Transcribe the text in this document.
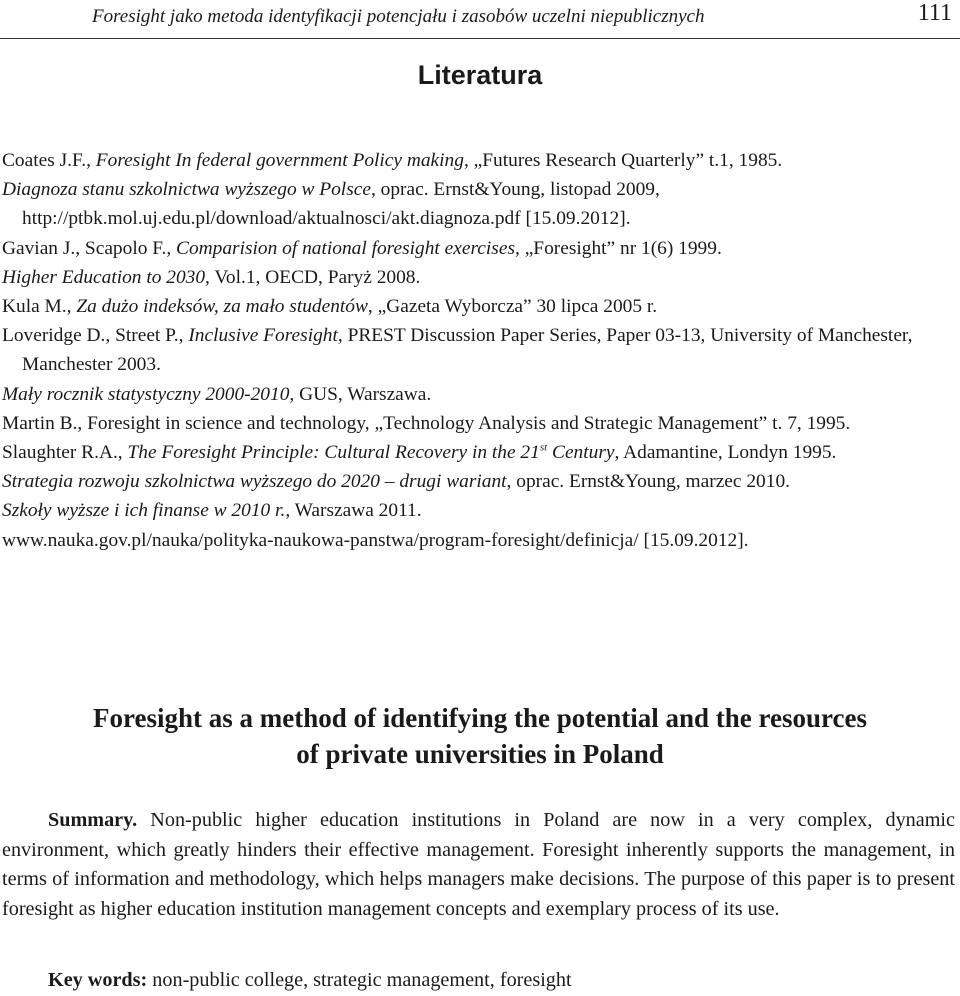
Foresight jako metoda identyfikacji potencjału i zasobów uczelni niepublicznych	111
Literatura

Coates J.F., Foresight In federal government Policy making, „Futures Research Quarterly” t.1, 1985.

Diagnoza stanu szkolnictwa wyższego w Polsce, oprac. Ernst&Young, listopad 2009, http://ptbk.mol.uj.edu.pl/download/aktualnosci/akt.diagnoza.pdf [15.09.2012].

Gavian J., Scapolo F., Comparision of national foresight exercises, „Foresight” nr 1(6) 1999.

Higher Education to 2030, Vol.1, OECD, Paryż 2008.

Kula M., Za dużo indeksów, za mało studentów, „Gazeta Wyborcza” 30 lipca 2005 r.

Loveridge D., Street P., Inclusive Foresight, PREST Discussion Paper Series, Paper 03-13, University of Manchester, Manchester 2003.

Mały rocznik statystyczny 2000-2010, GUS, Warszawa.

Martin B., Foresight in science and technology, „Technology Analysis and Strategic Management” t. 7, 1995.

Slaughter R.A., The Foresight Principle: Cultural Recovery in the 21st Century, Adamantine, Londyn 1995.

Strategia rozwoju szkolnictwa wyższego do 2020 – drugi wariant, oprac. Ernst&Young, marzec 2010.

Szkoły wyższe i ich finanse w 2010 r., Warszawa 2011.

www.nauka.gov.pl/nauka/polityka-naukowa-panstwa/program-foresight/definicja/ [15.09.2012].

Foresight as a method of identifying the potential and the resources
of private universities in Poland
Summary. Non-public higher education institutions in Poland are now in a very complex, dynamic environment, which greatly hinders their effective management. Foresight inherently supports the management, in terms of information and methodology, which helps managers make decisions. The purpose of this paper is to present foresight as higher education institution management concepts and exemplary process of its use.
Key words: non-public college, strategic management, foresight
